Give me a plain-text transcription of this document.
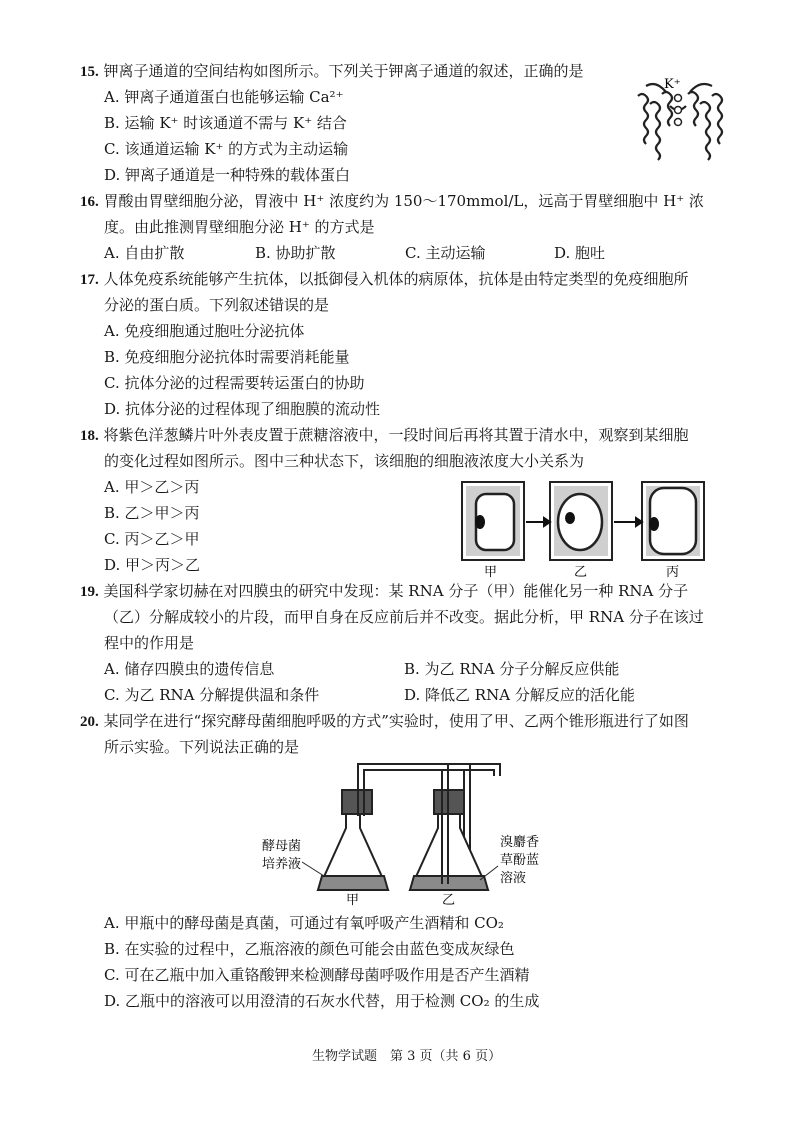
15. 钾离子通道的空间结构如图所示。下列关于钾离子通道的叙述，正确的是
A. 钾离子通道蛋白也能够运输 Ca²⁺
B. 运输 K⁺ 时该通道不需与 K⁺ 结合
C. 该通道运输 K⁺ 的方式为主动运输
D. 钾离子通道是一种特殊的载体蛋白
K⁺
16. 胃酸由胃壁细胞分泌，胃液中 H⁺ 浓度约为 150～170mmol/L，远高于胃壁细胞中 H⁺ 浓
度。由此推测胃壁细胞分泌 H⁺ 的方式是
A. 自由扩散	B. 协助扩散	C. 主动运输	D. 胞吐
17. 人体免疫系统能够产生抗体，以抵御侵入机体的病原体，抗体是由特定类型的免疫细胞所
分泌的蛋白质。下列叙述错误的是
A. 免疫细胞通过胞吐分泌抗体
B. 免疫细胞分泌抗体时需要消耗能量
C. 抗体分泌的过程需要转运蛋白的协助
D. 抗体分泌的过程体现了细胞膜的流动性
18. 将紫色洋葱鳞片叶外表皮置于蔗糖溶液中，一段时间后再将其置于清水中，观察到某细胞
的变化过程如图所示。图中三种状态下，该细胞的细胞液浓度大小关系为
A. 甲＞乙＞丙
B. 乙＞甲＞丙
C. 丙＞乙＞甲
D. 甲＞丙＞乙	甲	乙	丙
19. 美国科学家切赫在对四膜虫的研究中发现：某 RNA 分子（甲）能催化另一种 RNA 分子
（乙）分解成较小的片段，而甲自身在反应前后并不改变。据此分析，甲 RNA 分子在该过
程中的作用是
A. 储存四膜虫的遗传信息	B. 为乙 RNA 分子分解反应供能
C. 为乙 RNA 分解提供温和条件	D. 降低乙 RNA 分解反应的活化能
20. 某同学在进行“探究酵母菌细胞呼吸的方式”实验时，使用了甲、乙两个锥形瓶进行了如图
所示实验。下列说法正确的是
酵母菌
培养液
溴麝香
草酚蓝
溶液
甲	乙
A. 甲瓶中的酵母菌是真菌，可通过有氧呼吸产生酒精和 CO₂
B. 在实验的过程中，乙瓶溶液的颜色可能会由蓝色变成灰绿色
C. 可在乙瓶中加入重铬酸钾来检测酵母菌呼吸作用是否产生酒精
D. 乙瓶中的溶液可以用澄清的石灰水代替，用于检测 CO₂ 的生成
生物学试题　第 3 页（共 6 页）
